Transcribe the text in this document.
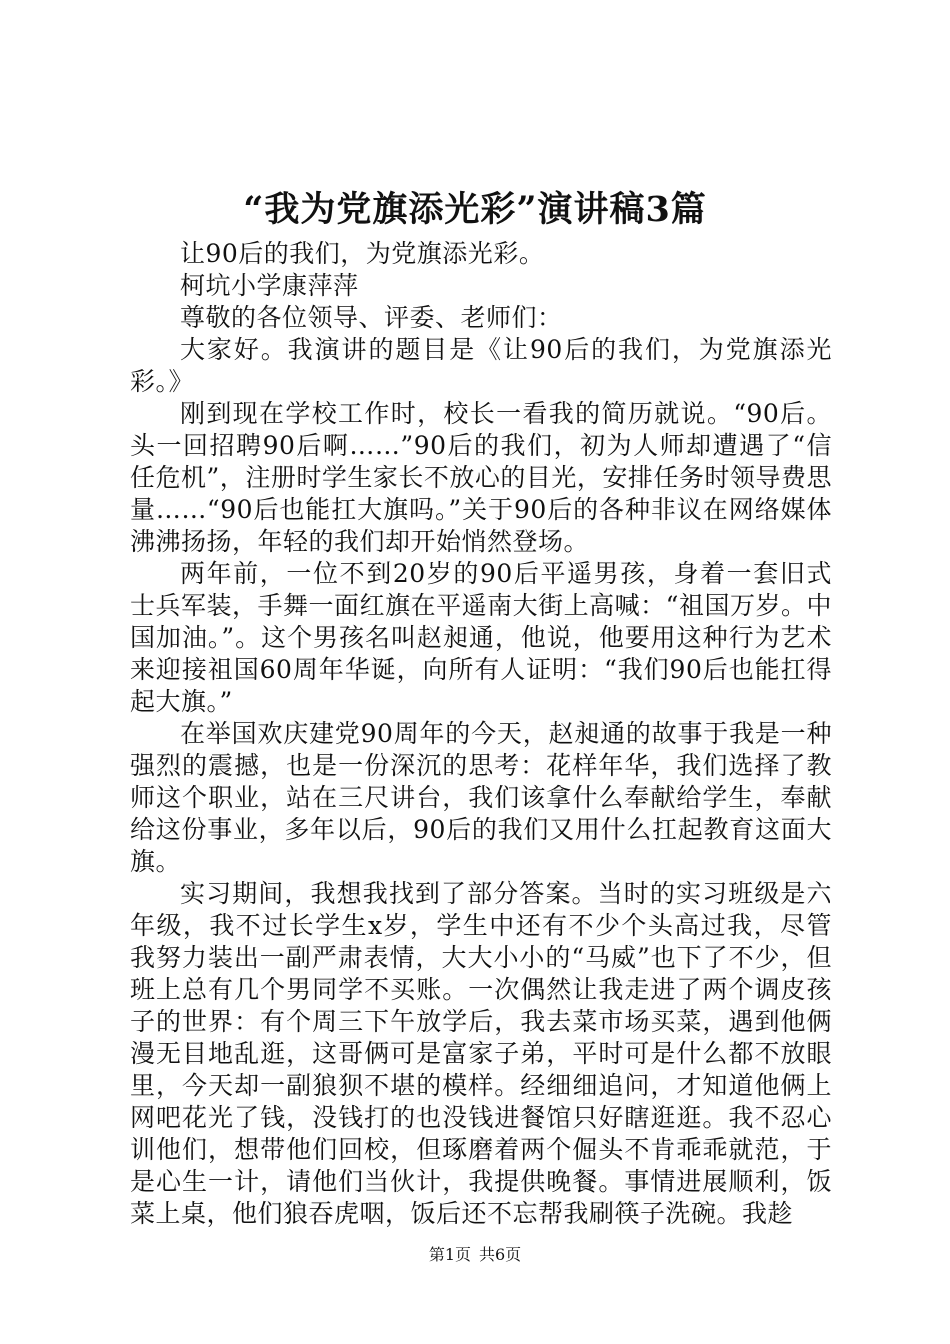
“我为党旗添光彩”演讲稿3篇

让90后的我们，为党旗添光彩。

柯坑小学康萍萍

尊敬的各位领导、评委、老师们：

大家好。我演讲的题目是《让90后的我们，为党旗添光彩。》

刚到现在学校工作时，校长一看我的简历就说。“90后。头一回招聘90后啊……”90后的我们，初为人师却遭遇了“信任危机”，注册时学生家长不放心的目光，安排任务时领导费思量……“90后也能扛大旗吗。”关于90后的各种非议在网络媒体沸沸扬扬，年轻的我们却开始悄然登场。

两年前，一位不到20岁的90后平遥男孩，身着一套旧式士兵军装，手舞一面红旗在平遥南大街上高喊：“祖国万岁。中国加油。”。这个男孩名叫赵昶通，他说，他要用这种行为艺术来迎接祖国60周年华诞，向所有人证明：“我们90后也能扛得起大旗。”

在举国欢庆建党90周年的今天，赵昶通的故事于我是一种强烈的震撼，也是一份深沉的思考：花样年华，我们选择了教师这个职业，站在三尺讲台，我们该拿什么奉献给学生，奉献给这份事业，多年以后，90后的我们又用什么扛起教育这面大旗。

实习期间，我想我找到了部分答案。当时的实习班级是六年级，我不过长学生x岁，学生中还有不少个头高过我，尽管我努力装出一副严肃表情，大大小小的“马威”也下了不少，但班上总有几个男同学不买账。一次偶然让我走进了两个调皮孩子的世界：有个周三下午放学后，我去菜市场买菜，遇到他俩漫无目地乱逛，这哥俩可是富家子弟，平时可是什么都不放眼里，今天却一副狼狈不堪的模样。经细细追问，才知道他俩上网吧花光了钱，没钱打的也没钱进餐馆只好瞎逛逛。我不忍心训他们，想带他们回校，但琢磨着两个倔头不肯乖乖就范，于是心生一计，请他们当伙计，我提供晚餐。事情进展顺利，饭菜上桌，他们狼吞虎咽，饭后还不忘帮我刷筷子洗碗。我趁

第1页 共6页
